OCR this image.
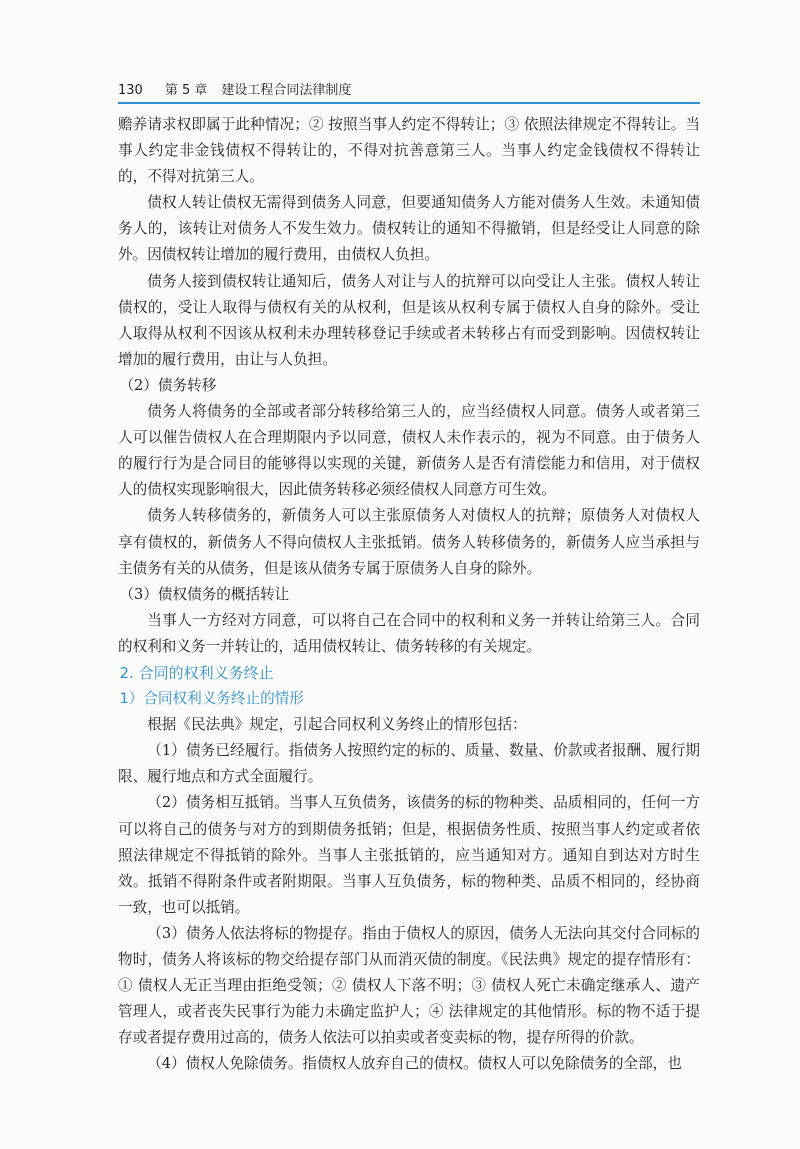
130 第 5 章 建设工程合同法律制度

赡养请求权即属于此种情况；② 按照当事人约定不得转让；③ 依照法律规定不得转让。当事人约定非金钱债权不得转让的，不得对抗善意第三人。当事人约定金钱债权不得转让的，不得对抗第三人。

债权人转让债权无需得到债务人同意，但要通知债务人方能对债务人生效。未通知债务人的，该转让对债务人不发生效力。债权转让的通知不得撤销，但是经受让人同意的除外。因债权转让增加的履行费用，由债权人负担。

债务人接到债权转让通知后，债务人对让与人的抗辩可以向受让人主张。债权人转让债权的，受让人取得与债权有关的从权利，但是该从权利专属于债权人自身的除外。受让人取得从权利不因该从权利未办理转移登记手续或者未转移占有而受到影响。因债权转让增加的履行费用，由让与人负担。

（2）债务转移

债务人将债务的全部或者部分转移给第三人的，应当经债权人同意。债务人或者第三人可以催告债权人在合理期限内予以同意，债权人未作表示的，视为不同意。由于债务人的履行行为是合同目的能够得以实现的关键，新债务人是否有清偿能力和信用，对于债权人的债权实现影响很大，因此债务转移必须经债权人同意方可生效。

债务人转移债务的，新债务人可以主张原债务人对债权人的抗辩；原债务人对债权人享有债权的，新债务人不得向债权人主张抵销。债务人转移债务的，新债务人应当承担与主债务有关的从债务，但是该从债务专属于原债务人自身的除外。

（3）债权债务的概括转让

当事人一方经对方同意，可以将自己在合同中的权利和义务一并转让给第三人。合同的权利和义务一并转让的，适用债权转让、债务转移的有关规定。

2. 合同的权利义务终止

1）合同权利义务终止的情形

根据《民法典》规定，引起合同权利义务终止的情形包括：

（1）债务已经履行。指债务人按照约定的标的、质量、数量、价款或者报酬、履行期限、履行地点和方式全面履行。

（2）债务相互抵销。当事人互负债务，该债务的标的物种类、品质相同的，任何一方可以将自己的债务与对方的到期债务抵销；但是，根据债务性质、按照当事人约定或者依照法律规定不得抵销的除外。当事人主张抵销的，应当通知对方。通知自到达对方时生效。抵销不得附条件或者附期限。当事人互负债务，标的物种类、品质不相同的，经协商一致，也可以抵销。

（3）债务人依法将标的物提存。指由于债权人的原因，债务人无法向其交付合同标的物时，债务人将该标的物交给提存部门从而消灭债的制度。《民法典》规定的提存情形有：① 债权人无正当理由拒绝受领；② 债权人下落不明；③ 债权人死亡未确定继承人、遗产管理人，或者丧失民事行为能力未确定监护人；④ 法律规定的其他情形。标的物不适于提存或者提存费用过高的，债务人依法可以拍卖或者变卖标的物，提存所得的价款。

（4）债权人免除债务。指债权人放弃自己的债权。债权人可以免除债务的全部，也
